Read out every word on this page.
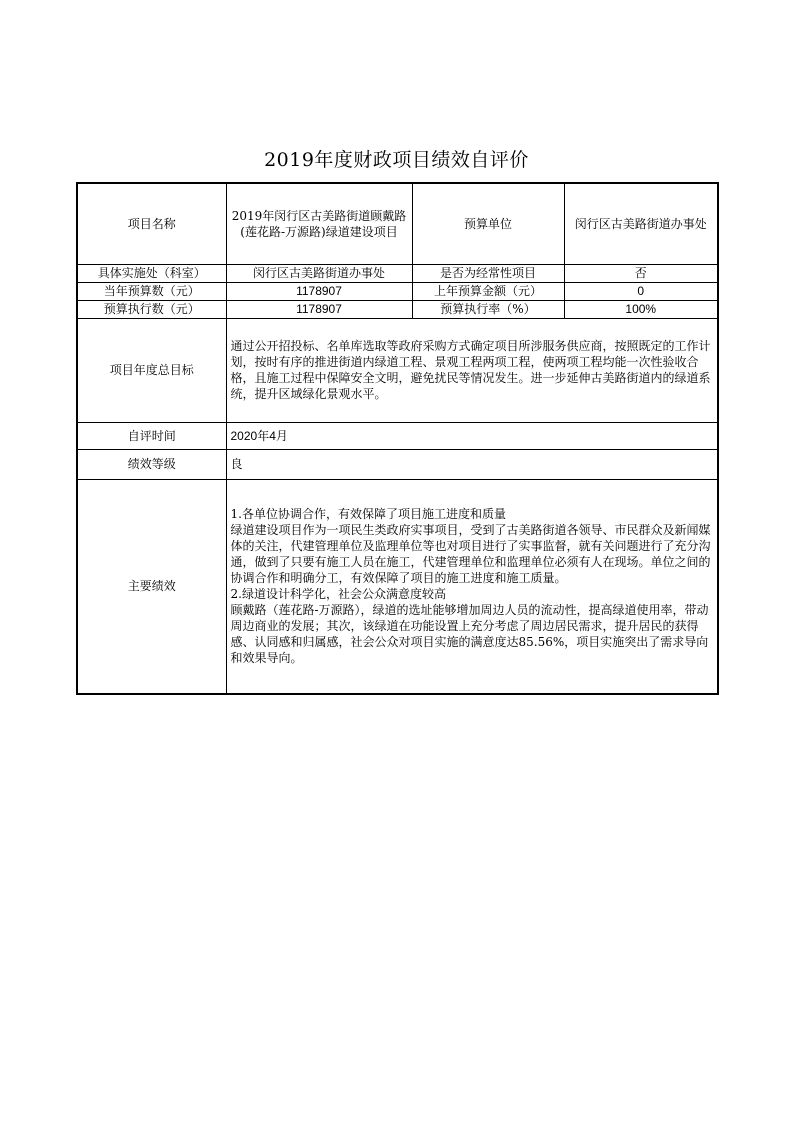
2019年度财政项目绩效自评价
项目名称	2019年闵行区古美路街道顾戴路(莲花路-万源路)绿道建设项目	预算单位	闵行区古美路街道办事处
具体实施处（科室）	闵行区古美路街道办事处	是否为经常性项目	否
当年预算数（元）	1178907	上年预算金额（元）	0
预算执行数（元）	1178907	预算执行率（%）	100%
项目年度总目标	通过公开招投标、名单库选取等政府采购方式确定项目所涉服务供应商，按照既定的工作计划，按时有序的推进街道内绿道工程、景观工程两项工程，使两项工程均能一次性验收合格，且施工过程中保障安全文明，避免扰民等情况发生。进一步延伸古美路街道内的绿道系统，提升区域绿化景观水平。		
自评时间	2020年4月		
绩效等级	良		
主要绩效	1.各单位协调合作，有效保障了项目施工进度和质量
绿道建设项目作为一项民生类政府实事项目，受到了古美路街道各领导、市民群众及新闻媒体的关注，代建管理单位及监理单位等也对项目进行了实事监督，就有关问题进行了充分沟通，做到了只要有施工人员在施工，代建管理单位和监理单位必须有人在现场。单位之间的协调合作和明确分工，有效保障了项目的施工进度和施工质量。
2.绿道设计科学化，社会公众满意度较高
顾戴路（莲花路-万源路），绿道的选址能够增加周边人员的流动性，提高绿道使用率，带动周边商业的发展；其次，该绿道在功能设置上充分考虑了周边居民需求，提升居民的获得感、认同感和归属感，社会公众对项目实施的满意度达85.56%，项目实施突出了需求导向和效果导向。		
